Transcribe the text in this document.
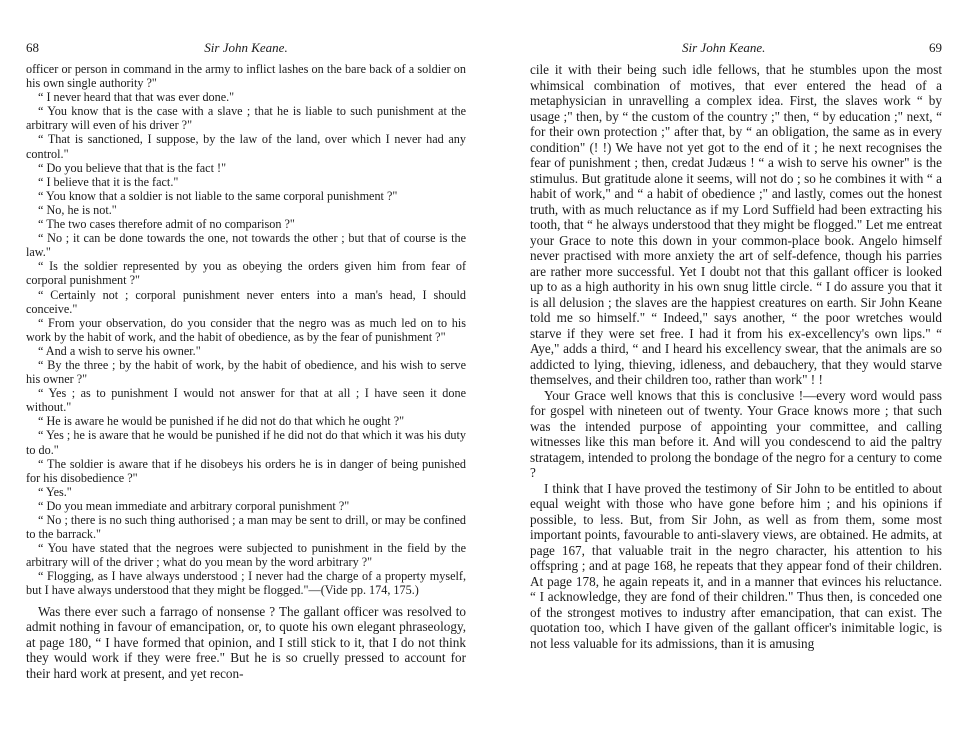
68	Sir John Keane.

officer or person in command in the army to inflict lashes on the bare back of a soldier on his own single authority ?"

“ I never heard that that was ever done."

“ You know that is the case with a slave ; that he is liable to such punishment at the arbitrary will even of his driver ?"

“ That is sanctioned, I suppose, by the law of the land, over which I never had any control."

“ Do you believe that that is the fact !"

“ I believe that it is the fact."

“ You know that a soldier is not liable to the same corporal punishment ?"

“ No, he is not."

“ The two cases therefore admit of no comparison ?"

“ No ; it can be done towards the one, not towards the other ; but that of course is the law."

“ Is the soldier represented by you as obeying the orders given him from fear of corporal punishment ?"

“ Certainly not ; corporal punishment never enters into a man's head, I should conceive."

“ From your observation, do you consider that the negro was as much led on to his work by the habit of work, and the habit of obedience, as by the fear of punishment ?"

“ And a wish to serve his owner."

“ By the three ; by the habit of work, by the habit of obedience, and his wish to serve his owner ?"

“ Yes ; as to punishment I would not answer for that at all ; I have seen it done without."

“ He is aware he would be punished if he did not do that which he ought ?"

“ Yes ; he is aware that he would be punished if he did not do that which it was his duty to do."

“ The soldier is aware that if he disobeys his orders he is in danger of being punished for his disobedience ?"

“ Yes."

“ Do you mean immediate and arbitrary corporal punishment ?"

“ No ; there is no such thing authorised ; a man may be sent to drill, or may be confined to the barrack."

“ You have stated that the negroes were subjected to punishment in the field by the arbitrary will of the driver ; what do you mean by the word arbitrary ?"

“ Flogging, as I have always understood ; I never had the charge of a property myself, but I have always understood that they might be flogged."—(Vide pp. 174, 175.)

Was there ever such a farrago of nonsense ? The gallant officer was resolved to admit nothing in favour of emancipation, or, to quote his own elegant phraseology, at page 180, “ I have formed that opinion, and I still stick to it, that I do not think they would work if they were free." But he is so cruelly pressed to account for their hard work at present, and yet recon-

Sir John Keane.	69

cile it with their being such idle fellows, that he stumbles upon the most whimsical combination of motives, that ever entered the head of a metaphysician in unravelling a complex idea. First, the slaves work “ by usage ;" then, by “ the custom of the country ;" then, “ by education ;" next, “ for their own protection ;" after that, by “ an obligation, the same as in every condition" (! !) We have not yet got to the end of it ; he next recognises the fear of punishment ; then, credat Judæus ! “ a wish to serve his owner" is the stimulus. But gratitude alone it seems, will not do ; so he combines it with “ a habit of work," and “ a habit of obedience ;" and lastly, comes out the honest truth, with as much reluctance as if my Lord Suffield had been extracting his tooth, that “ he always understood that they might be flogged." Let me entreat your Grace to note this down in your common-place book. Angelo himself never practised with more anxiety the art of self-defence, though his parries are rather more successful. Yet I doubt not that this gallant officer is looked up to as a high authority in his own snug little circle. “ I do assure you that it is all delusion ; the slaves are the happiest creatures on earth. Sir John Keane told me so himself." “ Indeed," says another, “ the poor wretches would starve if they were set free. I had it from his ex-excellency's own lips." “ Aye," adds a third, “ and I heard his excellency swear, that the animals are so addicted to lying, thieving, idleness, and debauchery, that they would starve themselves, and their children too, rather than work" ! !

Your Grace well knows that this is conclusive !—every word would pass for gospel with nineteen out of twenty. Your Grace knows more ; that such was the intended purpose of appointing your committee, and calling witnesses like this man before it. And will you condescend to aid the paltry stratagem, intended to prolong the bondage of the negro for a century to come ?

I think that I have proved the testimony of Sir John to be entitled to about equal weight with those who have gone before him ; and his opinions if possible, to less. But, from Sir John, as well as from them, some most important points, favourable to anti-slavery views, are obtained. He admits, at page 167, that valuable trait in the negro character, his attention to his offspring ; and at page 168, he repeats that they appear fond of their children. At page 178, he again repeats it, and in a manner that evinces his reluctance. “ I acknowledge, they are fond of their children." Thus then, is conceded one of the strongest motives to industry after emancipation, that can exist. The quotation too, which I have given of the gallant officer's inimitable logic, is not less valuable for its admissions, than it is amusing
